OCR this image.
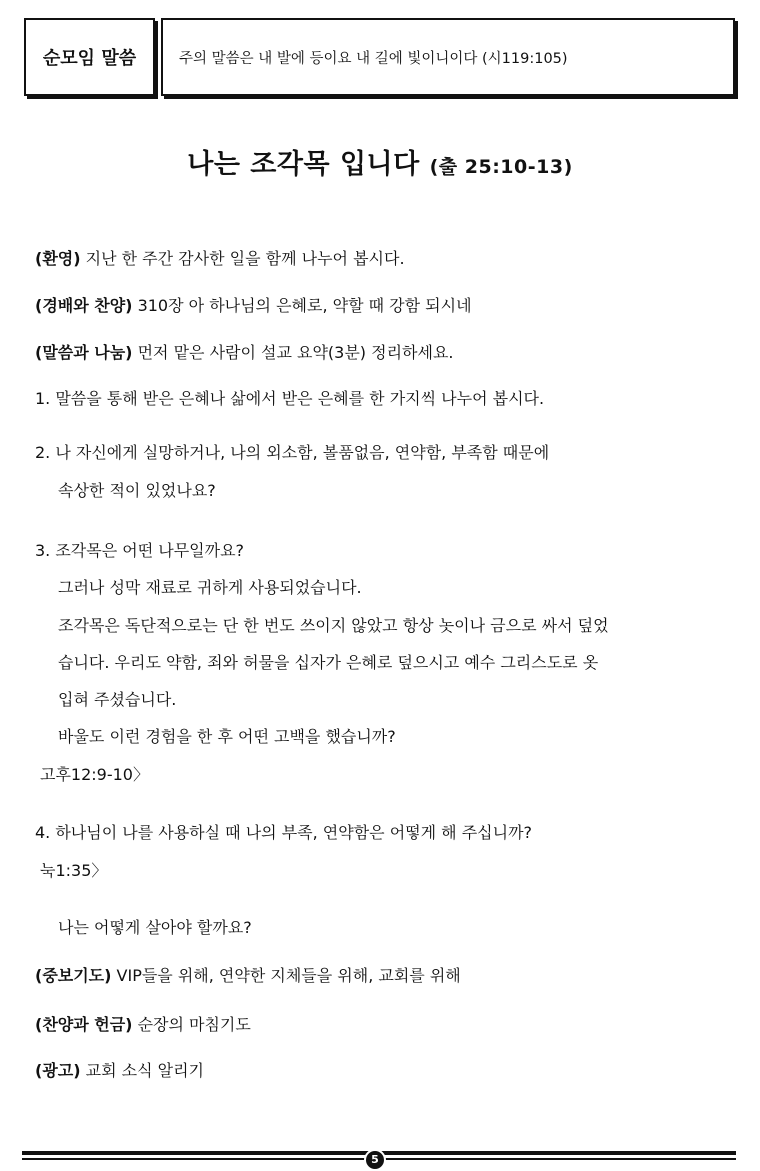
순모임 말씀	주의 말씀은 내 발에 등이요 내 길에 빛이니이다 (시119:105)
나는 조각목 입니다 (출 25:10-13)
(환영) 지난 한 주간 감사한 일을 함께 나누어 봅시다.
(경배와 찬양) 310장 아 하나님의 은혜로, 약할 때 강함 되시네
(말씀과 나눔) 먼저 맡은 사람이 설교 요약(3분) 정리하세요.
1. 말씀을 통해 받은 은혜나 삶에서 받은 은혜를 한 가지씩 나누어 봅시다.
2. 나 자신에게 실망하거나, 나의 외소함, 볼품없음, 연약함, 부족함 때문에
속상한 적이 있었나요?
3. 조각목은 어떤 나무일까요?
그러나 성막 재료로 귀하게 사용되었습니다.
조각목은 독단적으로는 단 한 번도 쓰이지 않았고 항상 놋이나 금으로 싸서 덮었
습니다. 우리도 약함, 죄와 허물을 십자가 은혜로 덮으시고 예수 그리스도로 옷
입혀 주셨습니다.
바울도 이런 경험을 한 후 어떤 고백을 했습니까?
고후12:9-10〉
4. 하나님이 나를 사용하실 때 나의 부족, 연약함은 어떻게 해 주십니까?
눅1:35〉
나는 어떻게 살아야 할까요?
(중보기도) VIP들을 위해, 연약한 지체들을 위해, 교회를 위해
(찬양과 헌금) 순장의 마침기도
(광고) 교회 소식 알리기
5
